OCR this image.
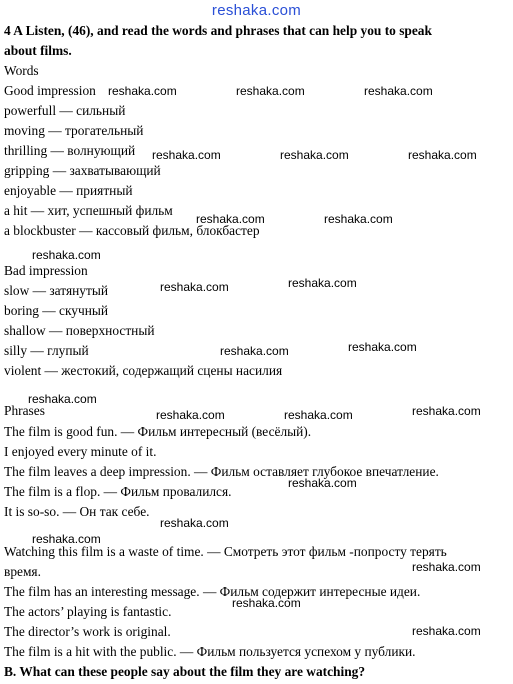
reshaka.com
4 A Listen, (46), and read the words and phrases that can help you to speak
about films.
Words
Good impression
powerfull — сильный
moving — трогательный
thrilling — волнующий
gripping — захватывающий
enjoyable — приятный
a hit — хит, успешный фильм
a blockbuster — кассовый фильм, блокбастер
Bad impression
slow — затянутый
boring — скучный
shallow — поверхностный
silly — глупый
violent — жестокий, содержащий сцены насилия
Phrases
The film is good fun. — Фильм интересный (весёлый).
I enjoyed every minute of it.
The film leaves a deep impression. — Фильм оставляет глубокое впечатление.
The film is a flop. — Фильм провалился.
It is so-so. — Он так себе.
Watching this film is a waste of time. — Смотреть этот фильм -попросту терять
время.
The film has an interesting message. — Фильм содержит интересные идеи.
The actors’ playing is fantastic.
The director’s work is original.
The film is a hit with the public. — Фильм пользуется успехом у публики.
B. What can these people say about the film they are watching?
reshaka.com	reshaka.com	reshaka.com
reshaka.com	reshaka.com	reshaka.com
reshaka.com	reshaka.com
reshaka.com
reshaka.com	reshaka.com
reshaka.com	reshaka.com
reshaka.com
reshaka.com	reshaka.com	reshaka.com
reshaka.com
reshaka.com
reshaka.com
reshaka.com
reshaka.com
reshaka.com
